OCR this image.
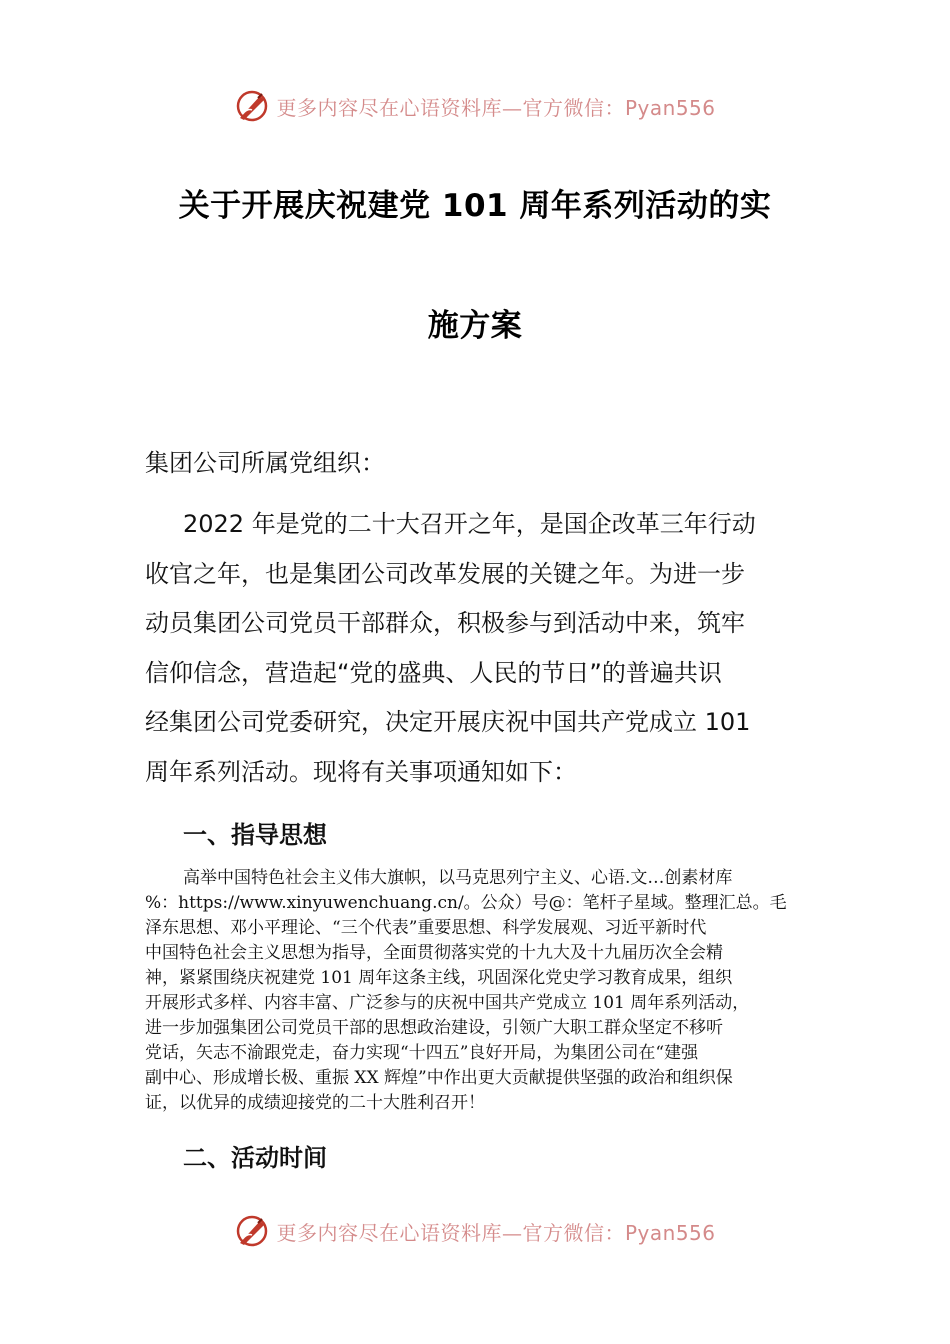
更多内容尽在心语资料库—官方微信：Pyan556
关于开展庆祝建党 101 周年系列活动的实
施方案
集团公司所属党组织：
2022 年是党的二十大召开之年，是国企改革三年行动
收官之年，也是集团公司改革发展的关键之年。为进一步
动员集团公司党员干部群众，积极参与到活动中来，筑牢
信仰信念，营造起“党的盛典、人民的节日”的普遍共识
经集团公司党委研究，决定开展庆祝中国共产党成立 101
周年系列活动。现将有关事项通知如下：
一、指导思想
高举中国特色社会主义伟大旗帜，以马克思列宁主义、心语.文…创素材库
%：https://www.xinyuwenchuang.cn/。公众）号@：笔杆子星域。整理汇总。毛
泽东思想、邓小平理论、“三个代表”重要思想、科学发展观、习近平新时代
中国特色社会主义思想为指导，全面贯彻落实党的十九大及十九届历次全会精
神，紧紧围绕庆祝建党 101 周年这条主线，巩固深化党史学习教育成果，组织
开展形式多样、内容丰富、广泛参与的庆祝中国共产党成立 101 周年系列活动，
进一步加强集团公司党员干部的思想政治建设，引领广大职工群众坚定不移听
党话，矢志不渝跟党走，奋力实现“十四五”良好开局，为集团公司在“建强
副中心、形成增长极、重振 XX 辉煌”中作出更大贡献提供坚强的政治和组织保
证，以优异的成绩迎接党的二十大胜利召开！
二、活动时间
更多内容尽在心语资料库—官方微信：Pyan556
